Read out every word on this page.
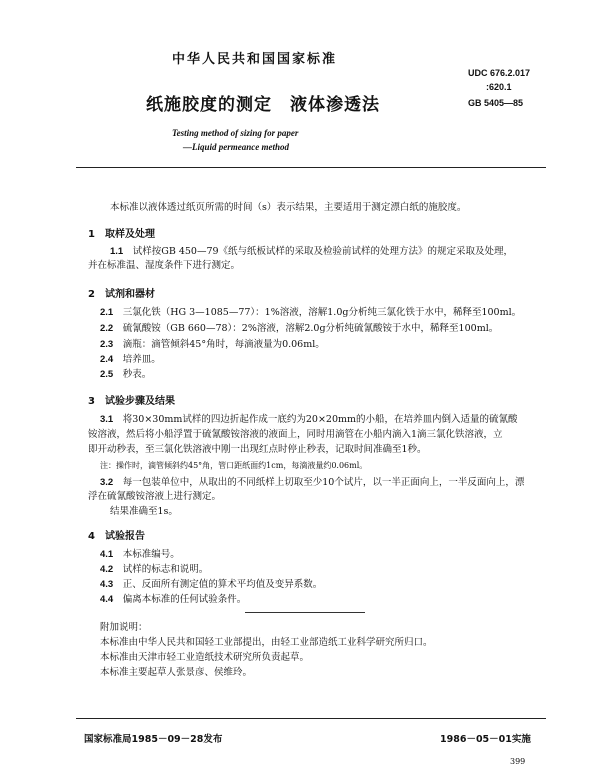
中华人民共和国国家标准
UDC 676.2.017
:620.1
GB 5405—85
纸施胶度的测定　液体渗透法
Testing method of sizing for paper
—Liquid permeance method
本标准以液体透过纸页所需的时间（s）表示结果，主要适用于测定漂白纸的施胶度。
1　取样及处理
1.1　 试样按GB 450—79《纸与纸板试样的采取及检验前试样的处理方法》的规定采取及处理，
并在标准温、湿度条件下进行测定。
2　试剂和器材
2.1　 三氯化铁（HG 3—1085—77）：1%溶液，溶解1.0g分析纯三氯化铁于水中，稀释至100ml。
2.2　 硫氰酸铵（GB 660—78）：2%溶液，溶解2.0g分析纯硫氰酸铵于水中，稀释至100ml。
2.3　 滴瓶：滴管倾斜45°角时，每滴液量为0.06ml。
2.4　 培养皿。
2.5　 秒表。
3　试验步骤及结果
3.1　 将30×30mm试样的四边折起作成一底约为20×20mm的小船，在培养皿内倒入适量的硫氰酸
铵溶液，然后将小船浮置于硫氰酸铵溶液的液面上，同时用滴管在小船内滴入1滴三氯化铁溶液，立
即开动秒表，至三氯化铁溶液中刚一出现红点时停止秒表，记取时间准确至1秒。
注：操作时，滴管倾斜约45°角，管口距纸面约1cm，每滴液量约0.06ml。
3.2　 每一包装单位中，从取出的不同纸样上切取至少10个试片，以一半正面向上，一半反面向上，漂
浮在硫氰酸铵溶液上进行测定。
结果准确至1s。
4　试验报告
4.1　 本标准编号。
4.2　 试样的标志和说明。
4.3　 正、反面所有测定值的算术平均值及变异系数。
4.4　 偏离本标准的任何试验条件。
附加说明：
本标准由中华人民共和国轻工业部提出，由轻工业部造纸工业科学研究所归口。
本标准由天津市轻工业造纸技术研究所负责起草。
本标准主要起草人张景彦、侯维玲。
国家标准局1985－09－28发布	1986－05－01实施
399
